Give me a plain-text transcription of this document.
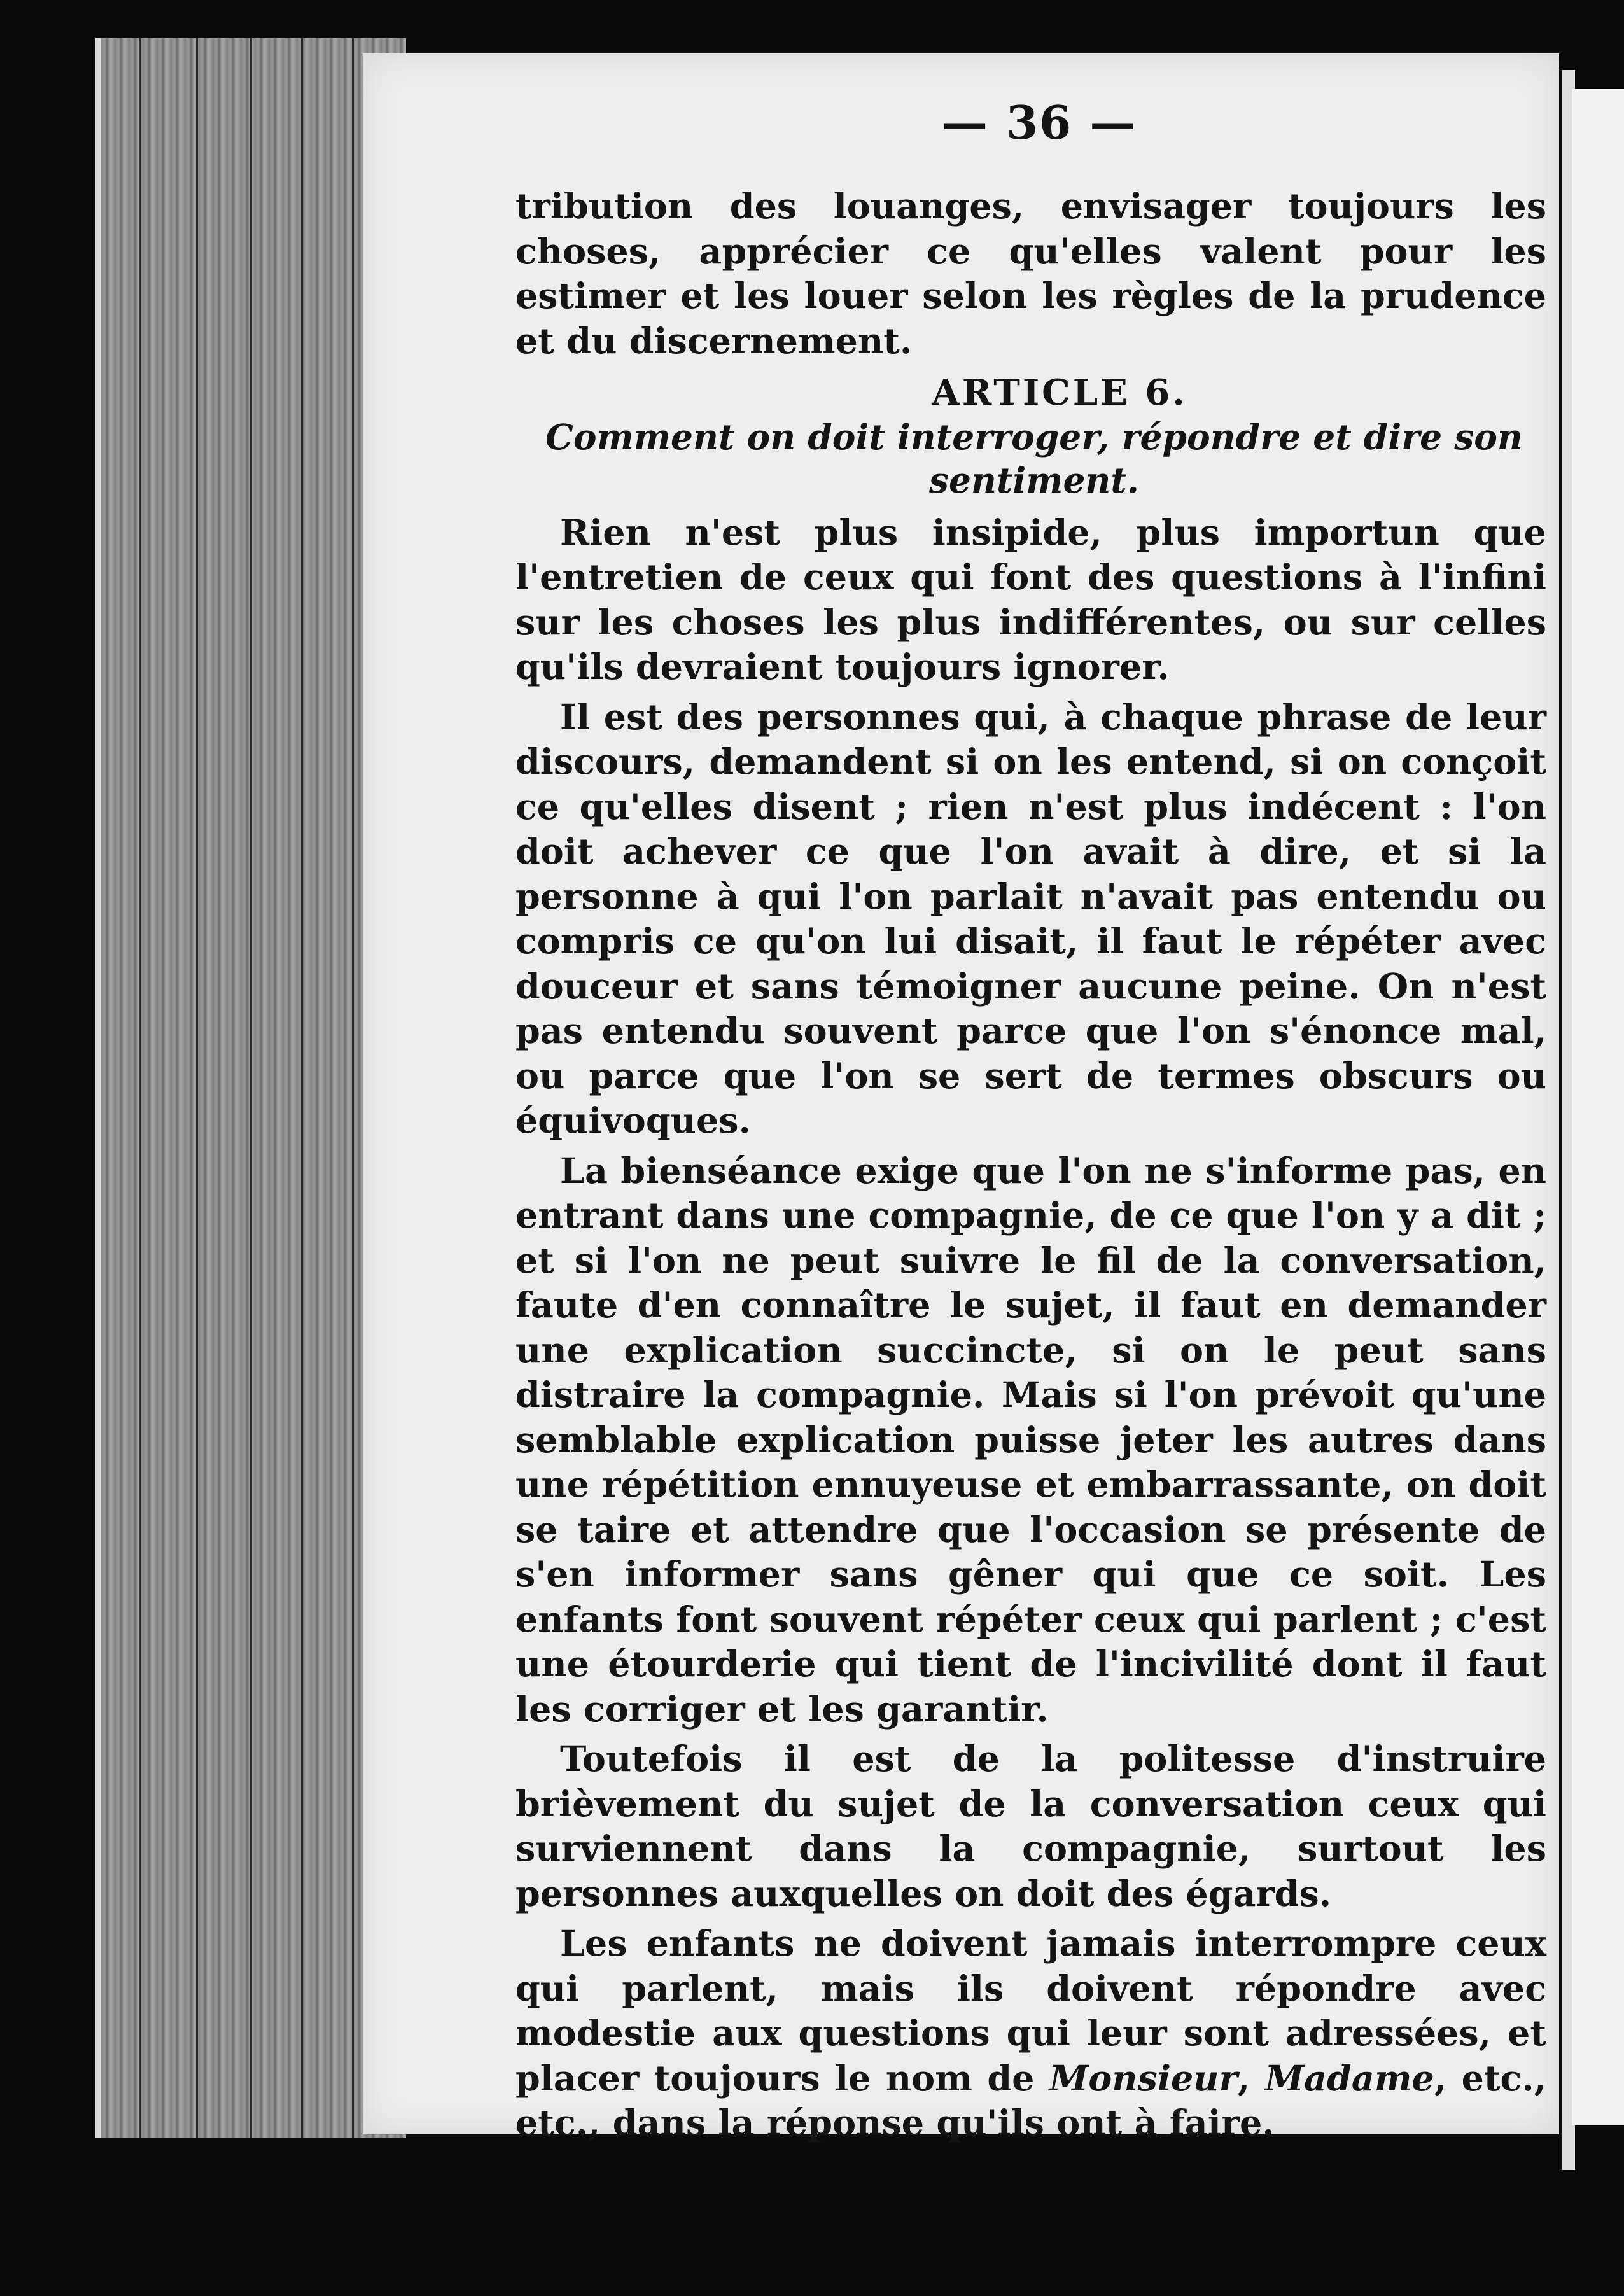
— 36 —

tribution des louanges, envisager toujours les choses, apprécier ce qu'elles valent pour les estimer et les louer selon les règles de la prudence et du discernement.

ARTICLE 6.
Comment on doit interroger, répondre et dire son sentiment.

Rien n'est plus insipide, plus importun que l'entretien de ceux qui font des questions à l'infini sur les choses les plus indifférentes, ou sur celles qu'ils devraient toujours ignorer.

Il est des personnes qui, à chaque phrase de leur discours, demandent si on les entend, si on conçoit ce qu'elles disent ; rien n'est plus indécent : l'on doit achever ce que l'on avait à dire, et si la personne à qui l'on parlait n'avait pas entendu ou compris ce qu'on lui disait, il faut le répéter avec douceur et sans témoigner aucune peine. On n'est pas entendu souvent parce que l'on s'énonce mal, ou parce que l'on se sert de termes obscurs ou équivoques.

La bienséance exige que l'on ne s'informe pas, en entrant dans une compagnie, de ce que l'on y a dit ; et si l'on ne peut suivre le fil de la conversation, faute d'en connaître le sujet, il faut en demander une explication succincte, si on le peut sans distraire la compagnie. Mais si l'on prévoit qu'une semblable explication puisse jeter les autres dans une répétition ennuyeuse et embarrassante, on doit se taire et attendre que l'occasion se présente de s'en informer sans gêner qui que ce soit. Les enfants font souvent répéter ceux qui parlent ; c'est une étourderie qui tient de l'incivilité dont il faut les corriger et les garantir.

Toutefois il est de la politesse d'instruire brièvement du sujet de la conversation ceux qui surviennent dans la compagnie, surtout les personnes auxquelles on doit des égards.

Les enfants ne doivent jamais interrompre ceux qui parlent, mais ils doivent répondre avec modestie aux questions qui leur sont adressées, et placer toujours le nom de Monsieur, Madame, etc., etc., dans la réponse qu'ils ont à faire.
